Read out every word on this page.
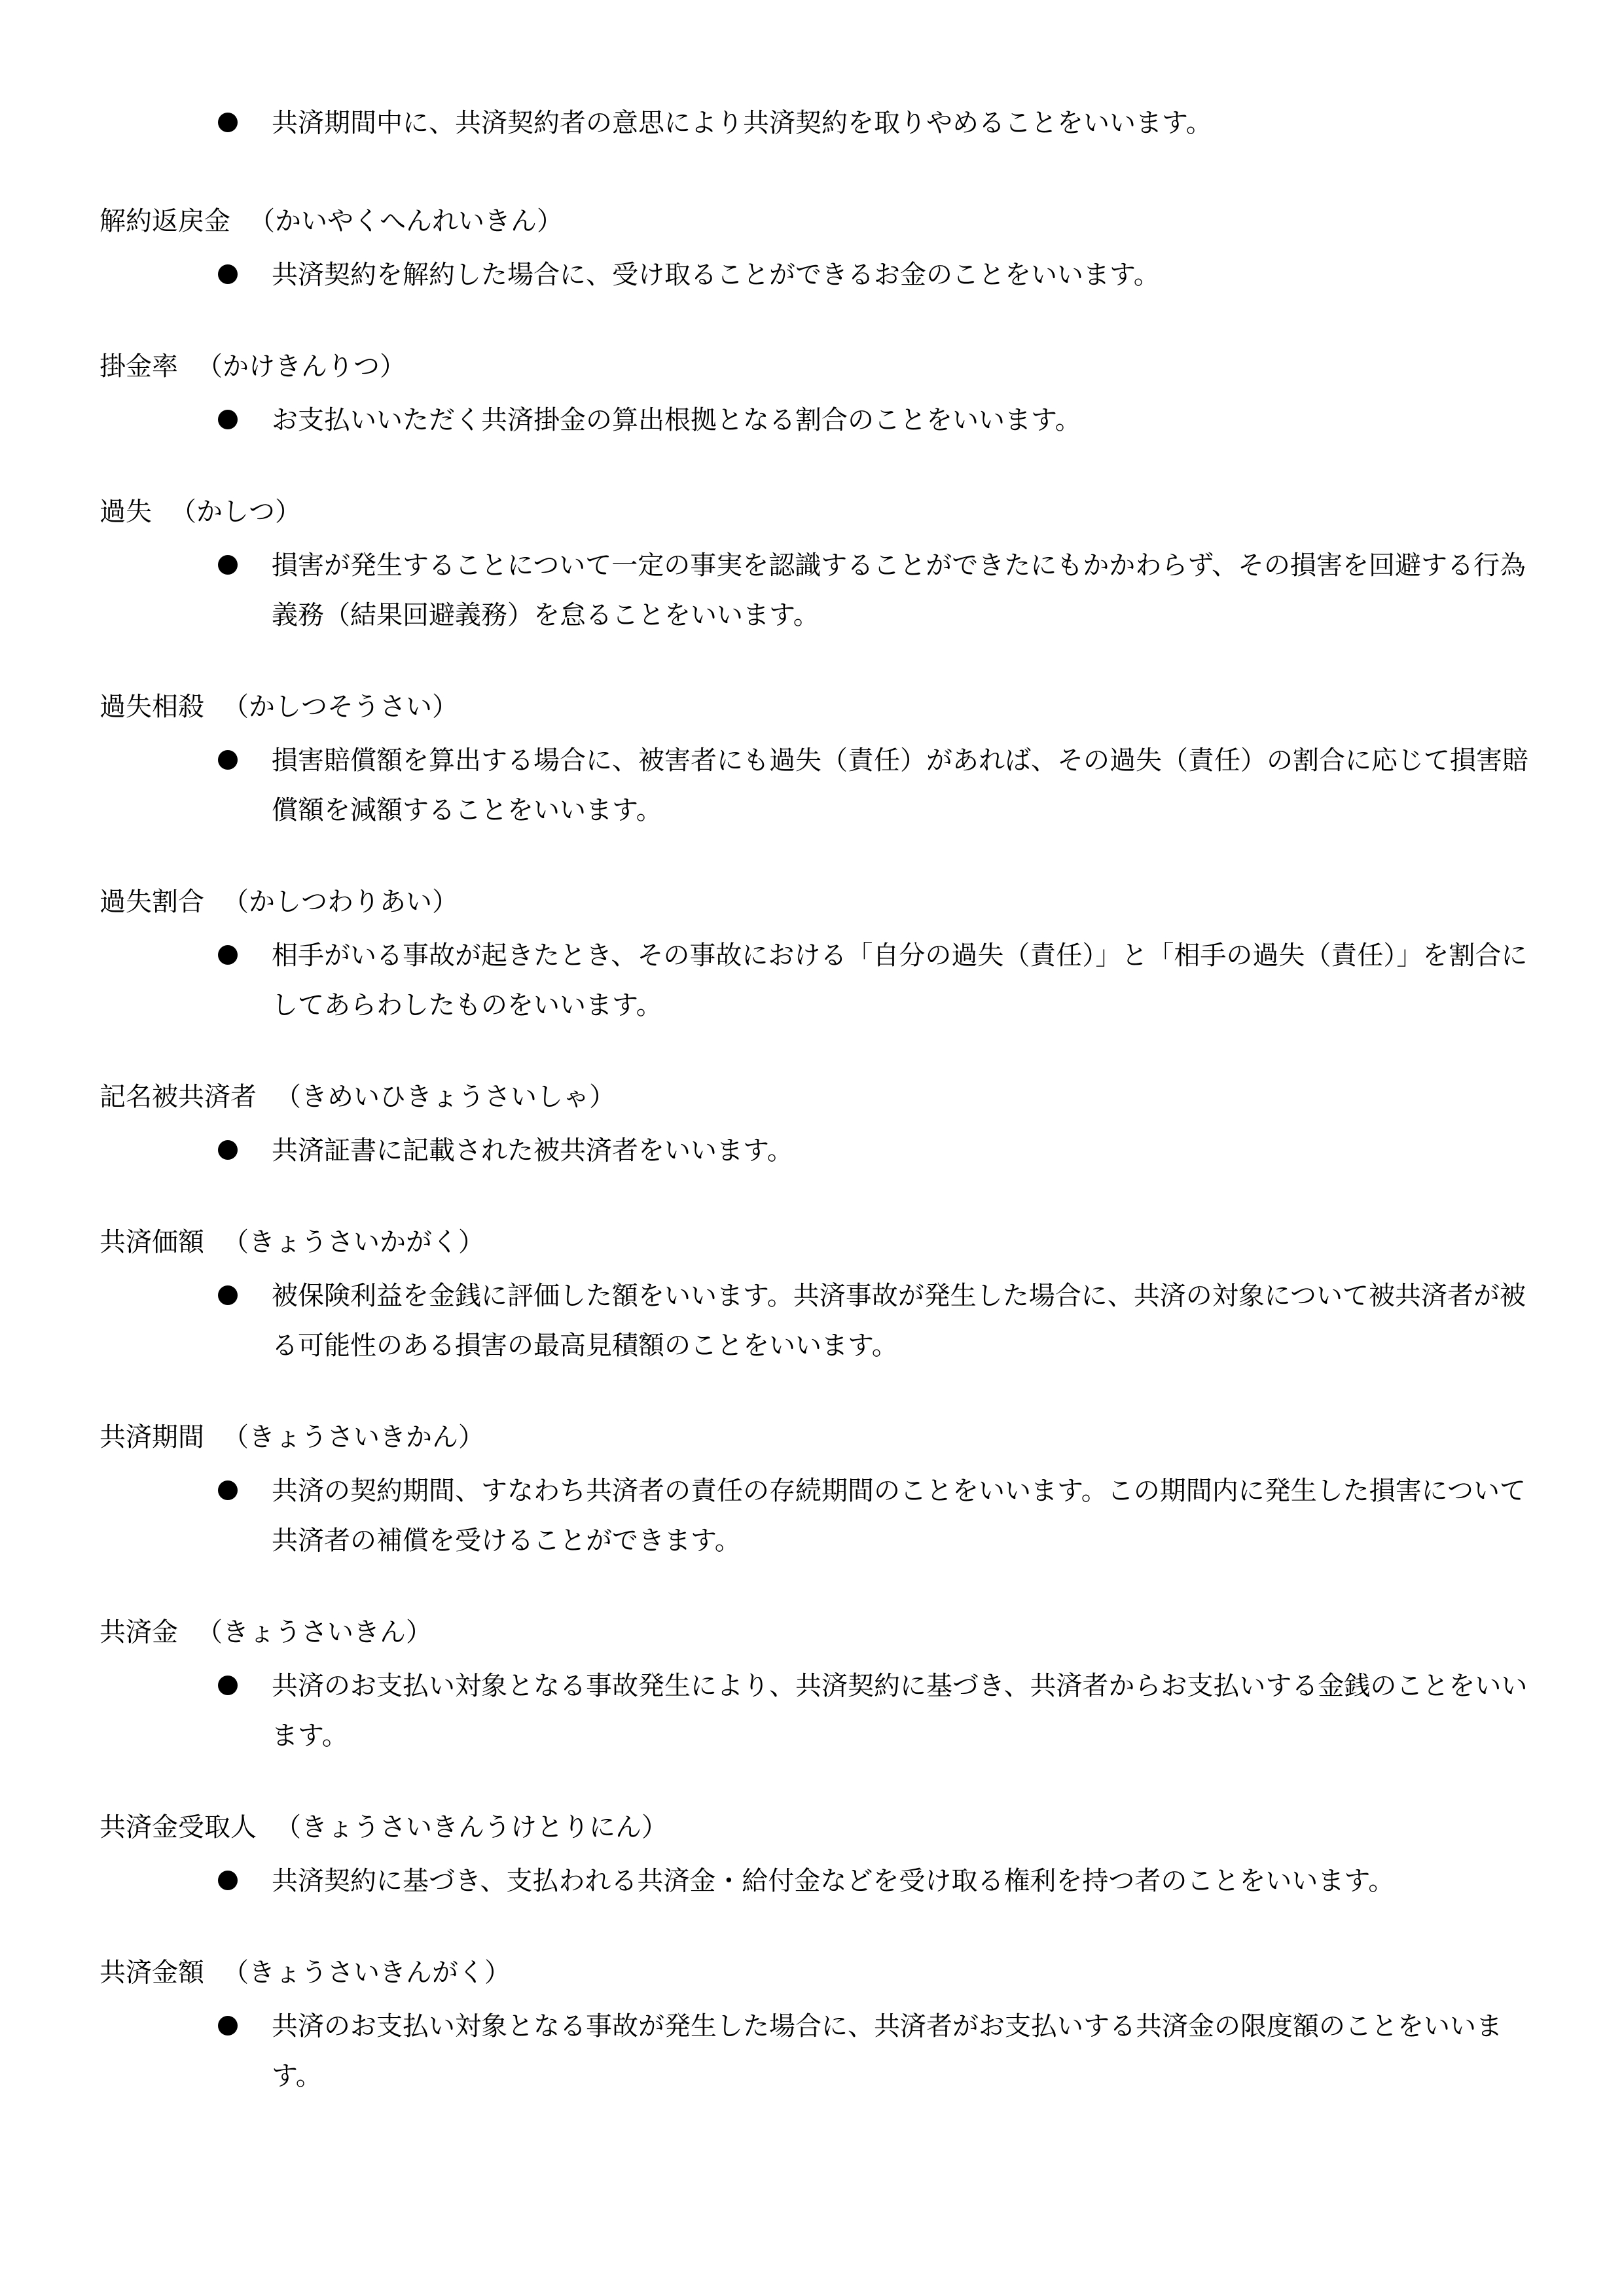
共済期間中に、共済契約者の意思により共済契約を取りやめることをいいます。
解約返戻金 （かいやくへんれいきん）
共済契約を解約した場合に、受け取ることができるお金のことをいいます。
掛金率 （かけきんりつ）
お支払いいただく共済掛金の算出根拠となる割合のことをいいます。
過失 （かしつ）
損害が発生することについて一定の事実を認識することができたにもかかわらず、その損害を回避する行為義務（結果回避義務）を怠ることをいいます。
過失相殺 （かしつそうさい）
損害賠償額を算出する場合に、被害者にも過失（責任）があれば、その過失（責任）の割合に応じて損害賠償額を減額することをいいます。
過失割合 （かしつわりあい）
相手がいる事故が起きたとき、その事故における「自分の過失（責任）」と「相手の過失（責任）」を割合にしてあらわしたものをいいます。
記名被共済者 （きめいひきょうさいしゃ）
共済証書に記載された被共済者をいいます。
共済価額 （きょうさいかがく）
被保険利益を金銭に評価した額をいいます。共済事故が発生した場合に、共済の対象について被共済者が被る可能性のある損害の最高見積額のことをいいます。
共済期間 （きょうさいきかん）
共済の契約期間、すなわち共済者の責任の存続期間のことをいいます。この期間内に発生した損害について共済者の補償を受けることができます。
共済金 （きょうさいきん）
共済のお支払い対象となる事故発生により、共済契約に基づき、共済者からお支払いする金銭のことをいいます。
共済金受取人 （きょうさいきんうけとりにん）
共済契約に基づき、支払われる共済金・給付金などを受け取る権利を持つ者のことをいいます。
共済金額 （きょうさいきんがく）
共済のお支払い対象となる事故が発生した場合に、共済者がお支払いする共済金の限度額のことをいいます。
